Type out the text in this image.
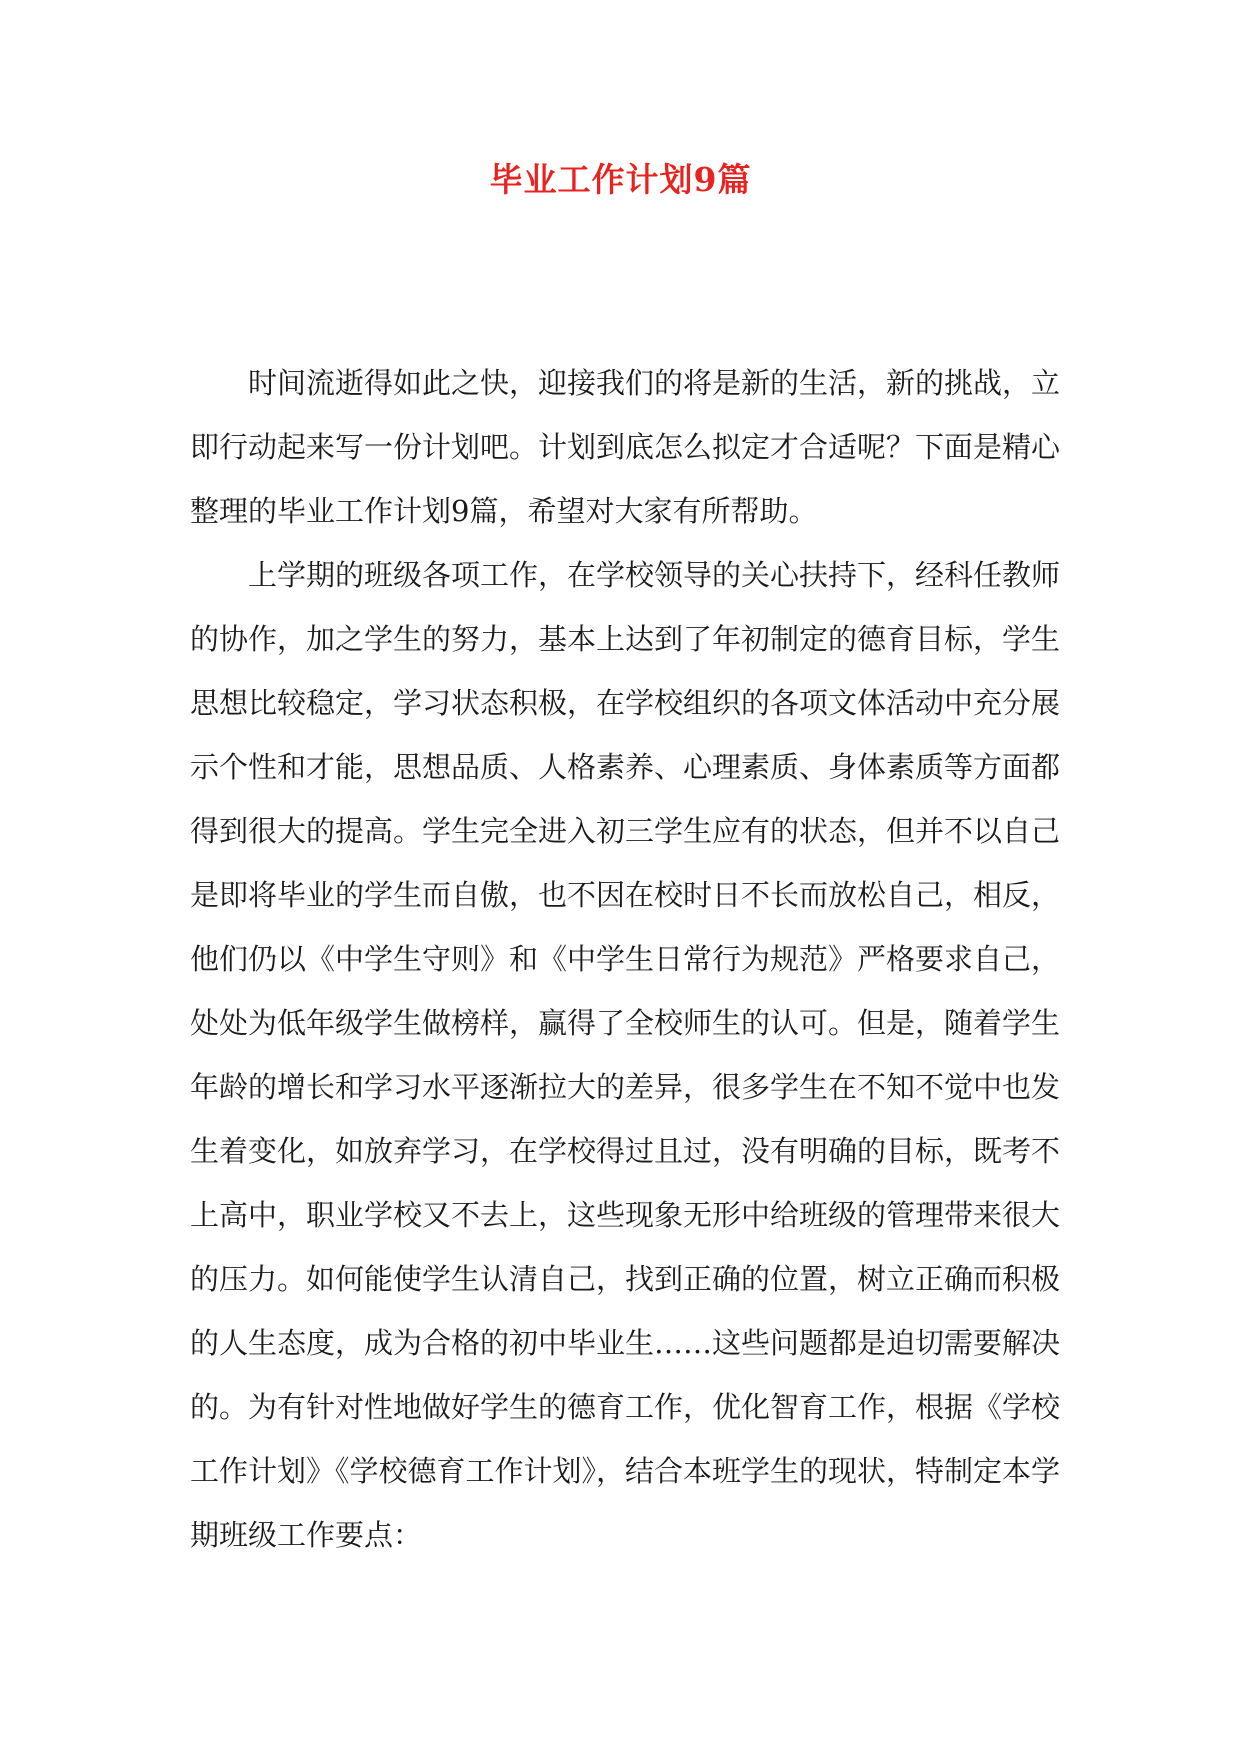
毕业工作计划9篇

时间流逝得如此之快，迎接我们的将是新的生活，新的挑战，立
即行动起来写一份计划吧。计划到底怎么拟定才合适呢？下面是精心
整理的毕业工作计划9篇，希望对大家有所帮助。

上学期的班级各项工作，在学校领导的关心扶持下，经科任教师
的协作，加之学生的努力，基本上达到了年初制定的德育目标，学生
思想比较稳定，学习状态积极，在学校组织的各项文体活动中充分展
示个性和才能，思想品质、人格素养、心理素质、身体素质等方面都
得到很大的提高。学生完全进入初三学生应有的状态，但并不以自己
是即将毕业的学生而自傲，也不因在校时日不长而放松自己，相反，
他们仍以《中学生守则》和《中学生日常行为规范》严格要求自己，
处处为低年级学生做榜样，赢得了全校师生的认可。但是，随着学生
年龄的增长和学习水平逐渐拉大的差异，很多学生在不知不觉中也发
生着变化，如放弃学习，在学校得过且过，没有明确的目标，既考不
上高中，职业学校又不去上，这些现象无形中给班级的管理带来很大
的压力。如何能使学生认清自己，找到正确的位置，树立正确而积极
的人生态度，成为合格的初中毕业生……这些问题都是迫切需要解决
的。为有针对性地做好学生的德育工作，优化智育工作，根据《学校
工作计划》《学校德育工作计划》，结合本班学生的现状，特制定本学
期班级工作要点：
